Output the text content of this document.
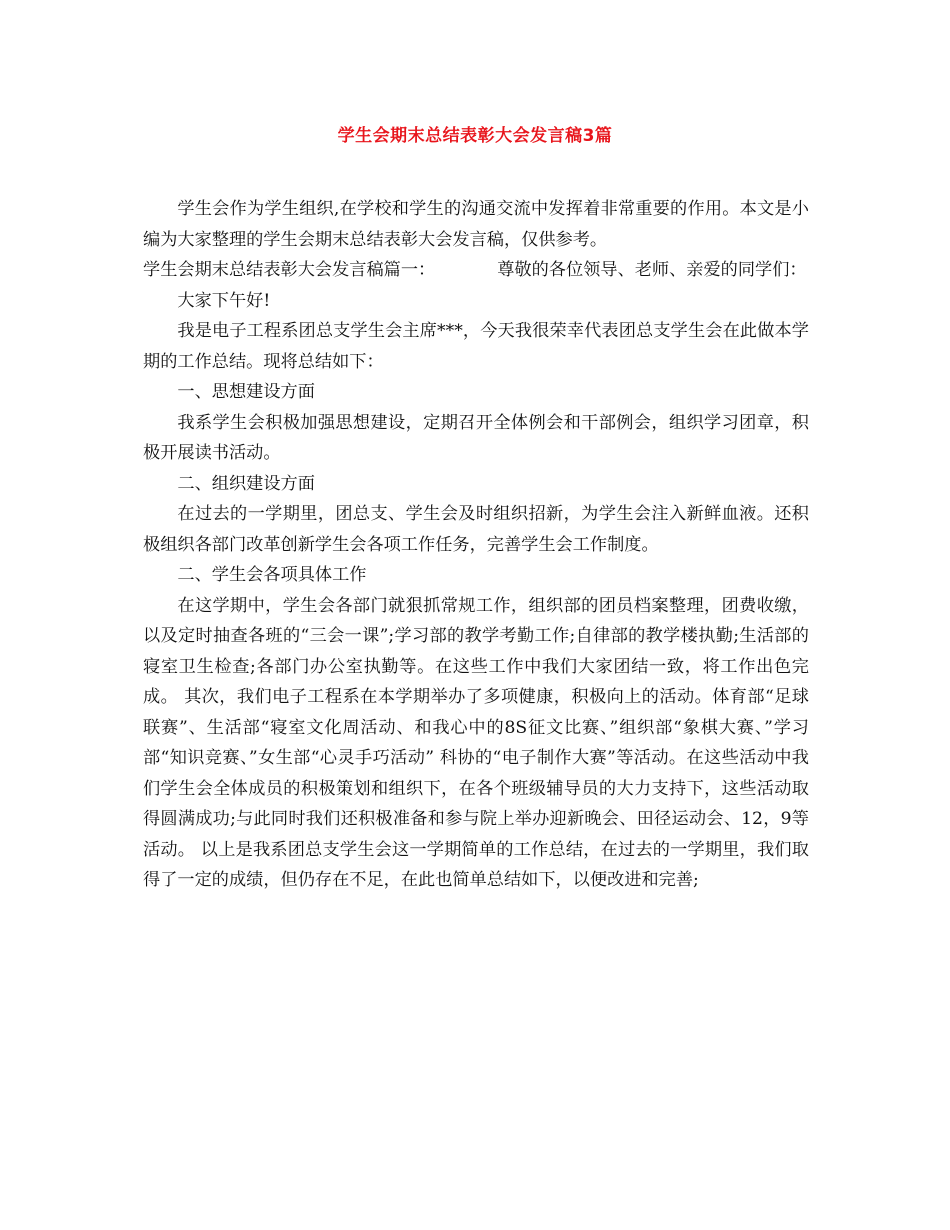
学生会期末总结表彰大会发言稿3篇

学生会作为学生组织,在学校和学生的沟通交流中发挥着非常重要的作用。本文是小编为大家整理的学生会期末总结表彰大会发言稿，仅供参考。

学生会期末总结表彰大会发言稿篇一：	尊敬的各位领导、老师、亲爱的同学们：

大家下午好!

我是电子工程系团总支学生会主席***，今天我很荣幸代表团总支学生会在此做本学期的工作总结。现将总结如下：

一、思想建设方面

我系学生会积极加强思想建设，定期召开全体例会和干部例会，组织学习团章，积极开展读书活动。

二、组织建设方面

在过去的一学期里，团总支、学生会及时组织招新，为学生会注入新鲜血液。还积极组织各部门改革创新学生会各项工作任务，完善学生会工作制度。

二、学生会各项具体工作

在这学期中，学生会各部门就狠抓常规工作，组织部的团员档案整理，团费收缴，以及定时抽查各班的“三会一课”;学习部的教学考勤工作;自律部的教学楼执勤;生活部的寝室卫生检查;各部门办公室执勤等。在这些工作中我们大家团结一致，将工作出色完成。 其次，我们电子工程系在本学期举办了多项健康，积极向上的活动。体育部“足球联赛”、生活部“寝室文化周活动、和我心中的8S征文比赛、”组织部“象棋大赛、”学习部“知识竞赛、”女生部“心灵手巧活动” 科协的“电子制作大赛”等活动。在这些活动中我们学生会全体成员的积极策划和组织下，在各个班级辅导员的大力支持下，这些活动取得圆满成功;与此同时我们还积极准备和参与院上举办迎新晚会、田径运动会、12，9等活动。 以上是我系团总支学生会这一学期简单的工作总结，在过去的一学期里，我们取得了一定的成绩，但仍存在不足，在此也简单总结如下，以便改进和完善;
